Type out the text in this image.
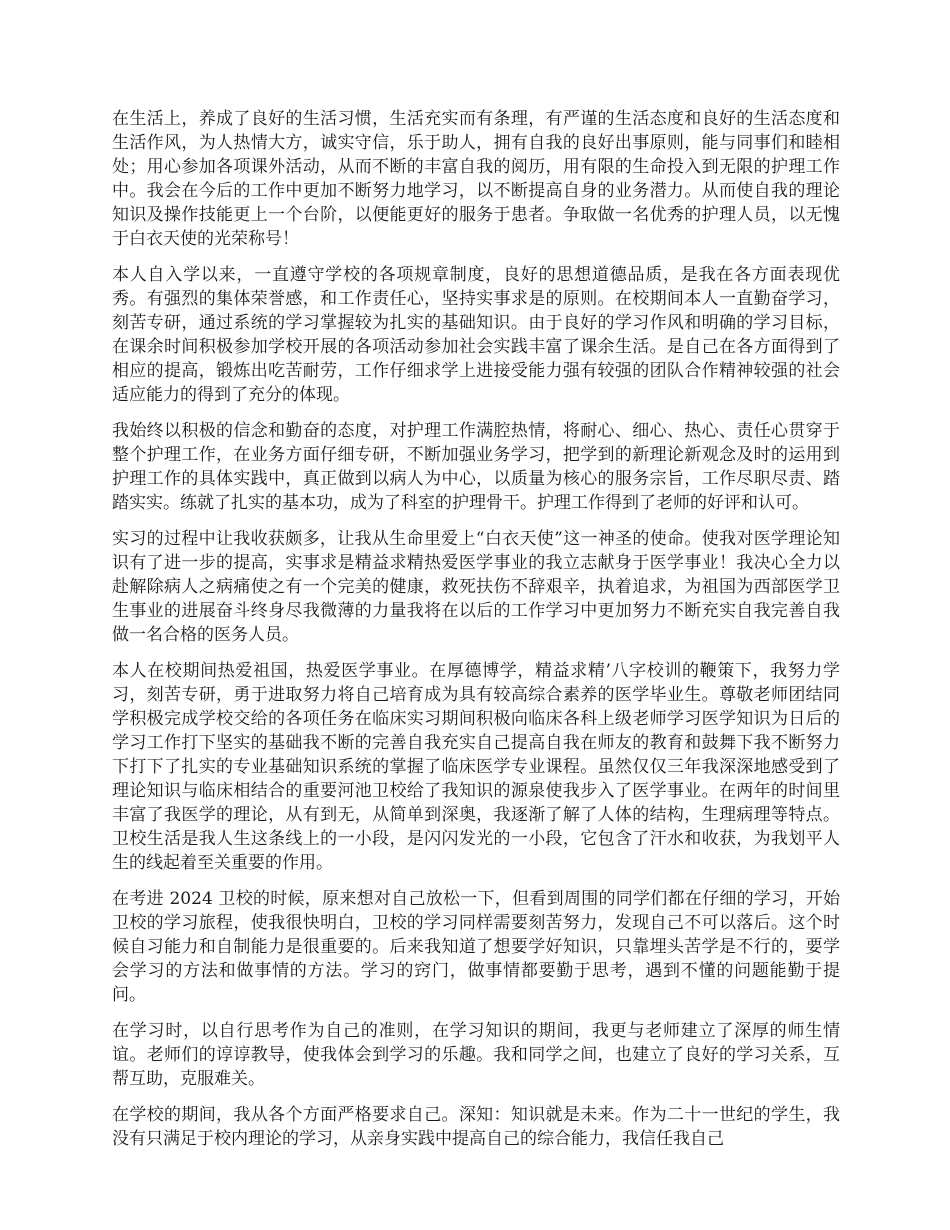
在生活上，养成了良好的生活习惯，生活充实而有条理，有严谨的生活态度和良好的生活态度和生活作风，为人热情大方，诚实守信，乐于助人，拥有自我的良好出事原则，能与同事们和睦相处；用心参加各项课外活动，从而不断的丰富自我的阅历，用有限的生命投入到无限的护理工作中。我会在今后的工作中更加不断努力地学习，以不断提高自身的业务潜力。从而使自我的理论知识及操作技能更上一个台阶，以便能更好的服务于患者。争取做一名优秀的护理人员，以无愧于白衣天使的光荣称号！

本人自入学以来，一直遵守学校的各项规章制度，良好的思想道德品质，是我在各方面表现优秀。有强烈的集体荣誉感，和工作责任心，坚持实事求是的原则。在校期间本人一直勤奋学习，刻苦专研，通过系统的学习掌握较为扎实的基础知识。由于良好的学习作风和明确的学习目标，在课余时间积极参加学校开展的各项活动参加社会实践丰富了课余生活。是自己在各方面得到了相应的提高，锻炼出吃苦耐劳，工作仔细求学上进接受能力强有较强的团队合作精神较强的社会适应能力的得到了充分的体现。

我始终以积极的信念和勤奋的态度，对护理工作满腔热情，将耐心、细心、热心、责任心贯穿于整个护理工作，在业务方面仔细专研，不断加强业务学习，把学到的新理论新观念及时的运用到护理工作的具体实践中，真正做到以病人为中心，以质量为核心的服务宗旨，工作尽职尽责、踏踏实实。练就了扎实的基本功，成为了科室的护理骨干。护理工作得到了老师的好评和认可。

实习的过程中让我收获颇多，让我从生命里爱上“白衣天使”这一神圣的使命。使我对医学理论知识有了进一步的提高，实事求是精益求精热爱医学事业的我立志献身于医学事业！我决心全力以赴解除病人之病痛使之有一个完美的健康，救死扶伤不辞艰辛，执着追求，为祖国为西部医学卫生事业的进展奋斗终身尽我微薄的力量我将在以后的工作学习中更加努力不断充实自我完善自我做一名合格的医务人员。

本人在校期间热爱祖国，热爱医学事业。在厚德博学，精益求精’八字校训的鞭策下，我努力学习，刻苦专研，勇于进取努力将自己培育成为具有较高综合素养的医学毕业生。尊敬老师团结同学积极完成学校交给的各项任务在临床实习期间积极向临床各科上级老师学习医学知识为日后的学习工作打下坚实的基础我不断的完善自我充实自己提高自我在师友的教育和鼓舞下我不断努力下打下了扎实的专业基础知识系统的掌握了临床医学专业课程。虽然仅仅三年我深深地感受到了理论知识与临床相结合的重要河池卫校给了我知识的源泉使我步入了医学事业。在两年的时间里丰富了我医学的理论，从有到无，从简单到深奥，我逐渐了解了人体的结构，生理病理等特点。卫校生活是我人生这条线上的一小段，是闪闪发光的一小段，它包含了汗水和收获，为我划平人生的线起着至关重要的作用。

在考进 2024 卫校的时候，原来想对自己放松一下，但看到周围的同学们都在仔细的学习，开始卫校的学习旅程，使我很快明白，卫校的学习同样需要刻苦努力，发现自己不可以落后。这个时候自习能力和自制能力是很重要的。后来我知道了想要学好知识，只靠埋头苦学是不行的，要学会学习的方法和做事情的方法。学习的窍门，做事情都要勤于思考，遇到不懂的问题能勤于提问。

在学习时，以自行思考作为自己的准则，在学习知识的期间，我更与老师建立了深厚的师生情谊。老师们的谆谆教导，使我体会到学习的乐趣。我和同学之间，也建立了良好的学习关系，互帮互助，克服难关。

在学校的期间，我从各个方面严格要求自己。深知：知识就是未来。作为二十一世纪的学生，我没有只满足于校内理论的学习，从亲身实践中提高自己的综合能力，我信任我自己
